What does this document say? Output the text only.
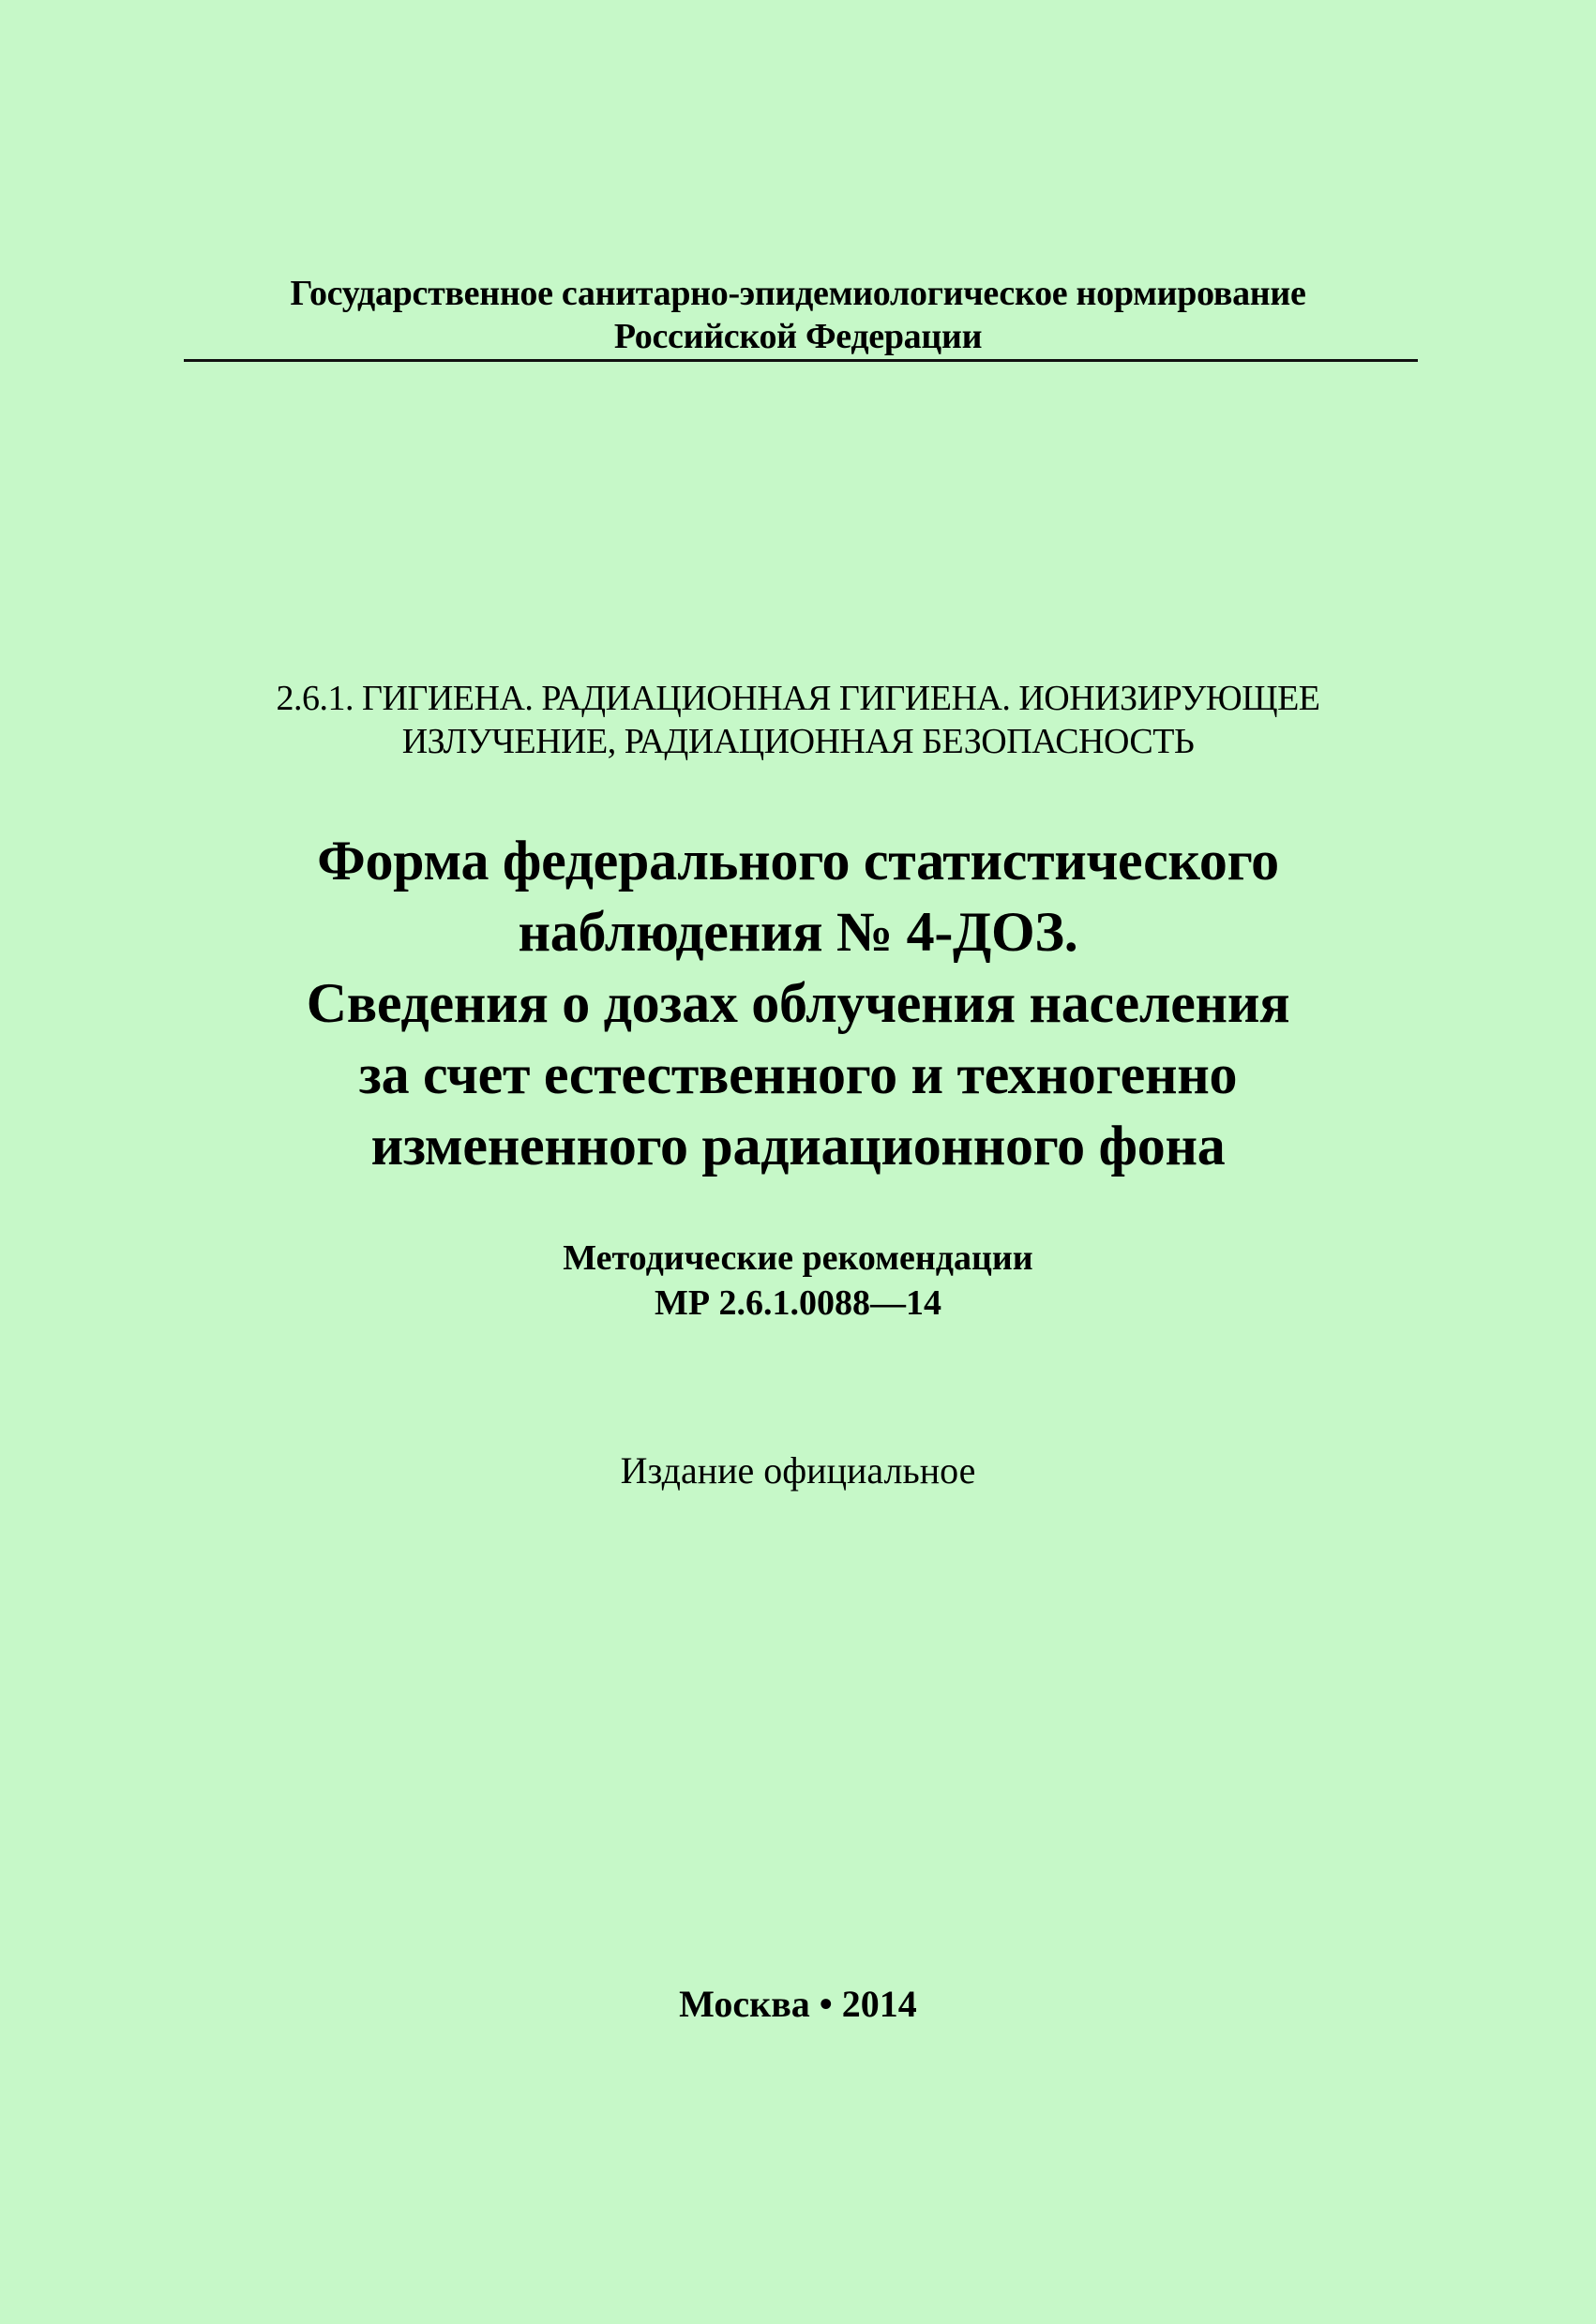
Государственное санитарно-эпидемиологическое нормирование
Российской Федерации
2.6.1. ГИГИЕНА. РАДИАЦИОННАЯ ГИГИЕНА. ИОНИЗИРУЮЩЕЕ
ИЗЛУЧЕНИЕ, РАДИАЦИОННАЯ БЕЗОПАСНОСТЬ
Форма федерального статистического
наблюдения № 4-ДОЗ.
Сведения о дозах облучения населения
за счет естественного и техногенно
измененного радиационного фона
Методические рекомендации
МР 2.6.1.0088—14
Издание официальное
Москва • 2014
